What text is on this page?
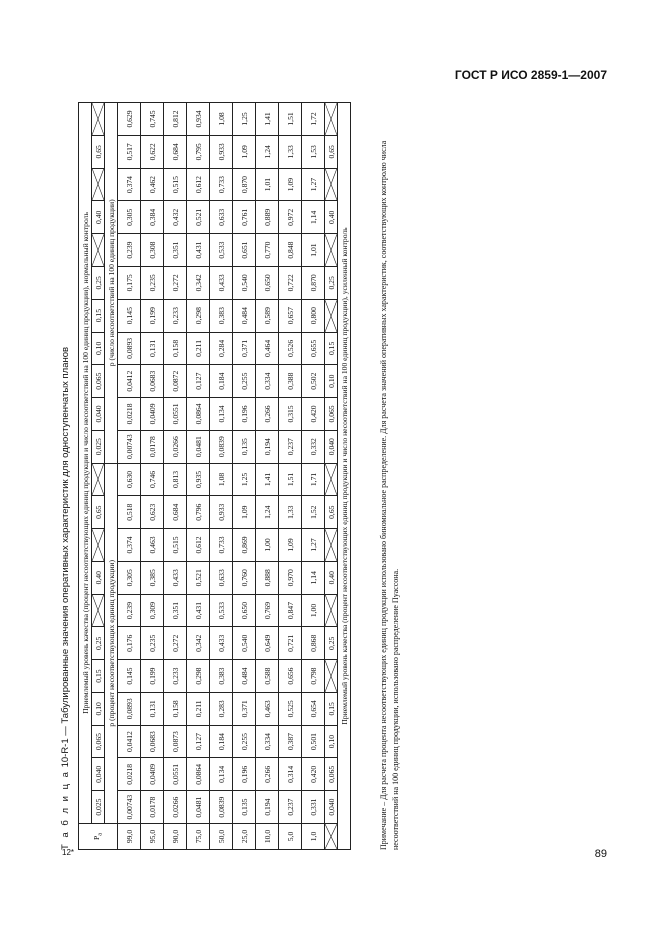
ГОСТ Р ИСО 2859-1—2007
12*	89
Т а б л и ц а 10-R-1 — Табулированные значения оперативных характеристик для одноступенчатых планов
$P_a$	Приемлемый уровень качества (процент несоответствующих единиц продукции и число несоответствий на 100 единиц продукции), нормальный контроль																					
	0,025	0,040	0,065	0,10	0,15	0,25		0,40		0,65		0,025	0,040	0,065	0,10	0,15	0,25		0,40		0,65	

	p (процент несоответствующих единиц продукции)											p (число несоответствий на 100 единиц продукции)										
99,0	0,00743	0,0218	0,0412	0,0893	0,145	0,176	0,239	0,305	0,374	0,518	0,630	0,00743	0,0218	0,0412	0,0893	0,145	0,175	0,239	0,305	0,374	0,517	0,629
95,0	0,0178	0,0409	0,0683	0,131	0,199	0,235	0,309	0,385	0,463	0,623	0,746	0,0178	0,0409	0,0683	0,131	0,199	0,235	0,308	0,384	0,462	0,622	0,745
90,0	0,0266	0,0551	0,0873	0,158	0,233	0,272	0,351	0,433	0,515	0,684	0,813	0,0266	0,0551	0,0872	0,158	0,233	0,272	0,351	0,432	0,515	0,684	0,812
75,0	0,0481	0,0864	0,127	0,211	0,298	0,342	0,431	0,521	0,612	0,796	0,935	0,0481	0,0864	0,127	0,211	0,298	0,342	0,431	0,521	0,612	0,795	0,934
50,0	0,0839	0,134	0,184	0,283	0,383	0,433	0,533	0,633	0,733	0,933	1,08	0,0839	0,134	0,184	0,284	0,383	0,433	0,533	0,633	0,733	0,933	1,08
25,0	0,135	0,196	0,255	0,371	0,484	0,540	0,650	0,760	0,869	1,09	1,25	0,135	0,196	0,255	0,371	0,484	0,540	0,651	0,761	0,870	1,09	1,25
10,0	0,194	0,266	0,334	0,463	0,588	0,649	0,769	0,888	1,00	1,24	1,41	0,194	0,266	0,334	0,464	0,589	0,650	0,770	0,889	1,01	1,24	1,41
5,0	0,237	0,314	0,387	0,525	0,656	0,721	0,847	0,970	1,09	1,33	1,51	0,237	0,315	0,388	0,526	0,657	0,722	0,848	0,972	1,09	1,33	1,51
1,0	0,331	0,420	0,501	0,654	0,798	0,868	1,00	1,14	1,27	1,52	1,71	0,332	0,420	0,502	0,655	0,800	0,870	1,01	1,14	1,27	1,53	1,72

	0,040	0,065	0,10	0,15		0,25		0,40		0,65		0,040	0,065	0,10	0,15		0,25		0,40		0,65	

Приемлемый уровень качества (процент несоответствующих единиц продукции и число несоответствий на 100 единиц продукции), усиленный контроль																							Примечание – Для расчета процента несоответствующих единиц продукции использовано биномиальное распределение. Для расчета значений оперативных характеристик, соответствующих контролю числа несоответствий на 100 единиц продукции, использовано распределение Пуассона.
